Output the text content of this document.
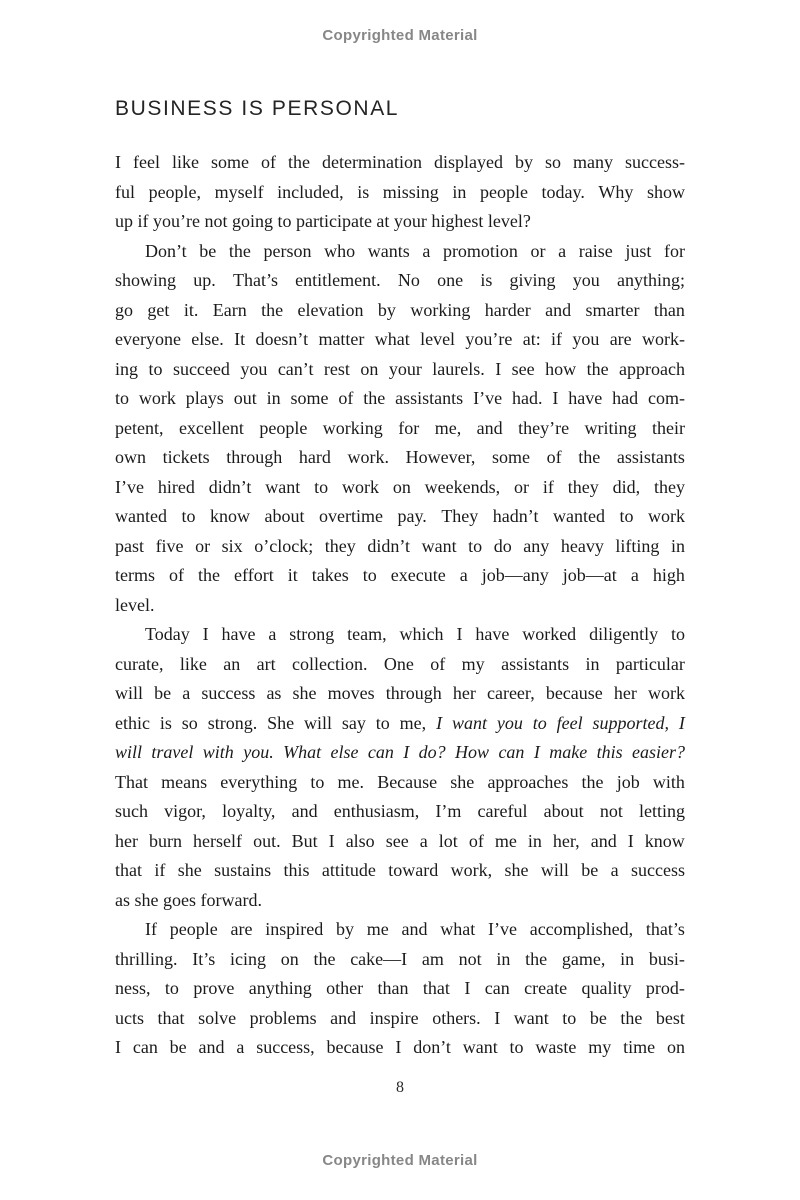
Copyrighted Material
BUSINESS IS PERSONAL
I feel like some of the determination displayed by so many success-
ful people, myself included, is missing in people today. Why show
up if you’re not going to participate at your highest level?
Don’t be the person who wants a promotion or a raise just for
showing up. That’s entitlement. No one is giving you anything;
go get it. Earn the elevation by working harder and smarter than
everyone else. It doesn’t matter what level you’re at: if you are work-
ing to succeed you can’t rest on your laurels. I see how the approach
to work plays out in some of the assistants I’ve had. I have had com-
petent, excellent people working for me, and they’re writing their
own tickets through hard work. However, some of the assistants
I’ve hired didn’t want to work on weekends, or if they did, they
wanted to know about overtime pay. They hadn’t wanted to work
past five or six o’clock; they didn’t want to do any heavy lifting in
terms of the effort it takes to execute a job—any job—at a high
level.
Today I have a strong team, which I have worked diligently to
curate, like an art collection. One of my assistants in particular
will be a success as she moves through her career, because her work
ethic is so strong. She will say to me, I want you to feel supported, I
will travel with you. What else can I do? How can I make this easier?
That means everything to me. Because she approaches the job with
such vigor, loyalty, and enthusiasm, I’m careful about not letting
her burn herself out. But I also see a lot of me in her, and I know
that if she sustains this attitude toward work, she will be a success
as she goes forward.
If people are inspired by me and what I’ve accomplished, that’s
thrilling. It’s icing on the cake—I am not in the game, in busi-
ness, to prove anything other than that I can create quality prod-
ucts that solve problems and inspire others. I want to be the best
I can be and a success, because I don’t want to waste my time on
8
Copyrighted Material
